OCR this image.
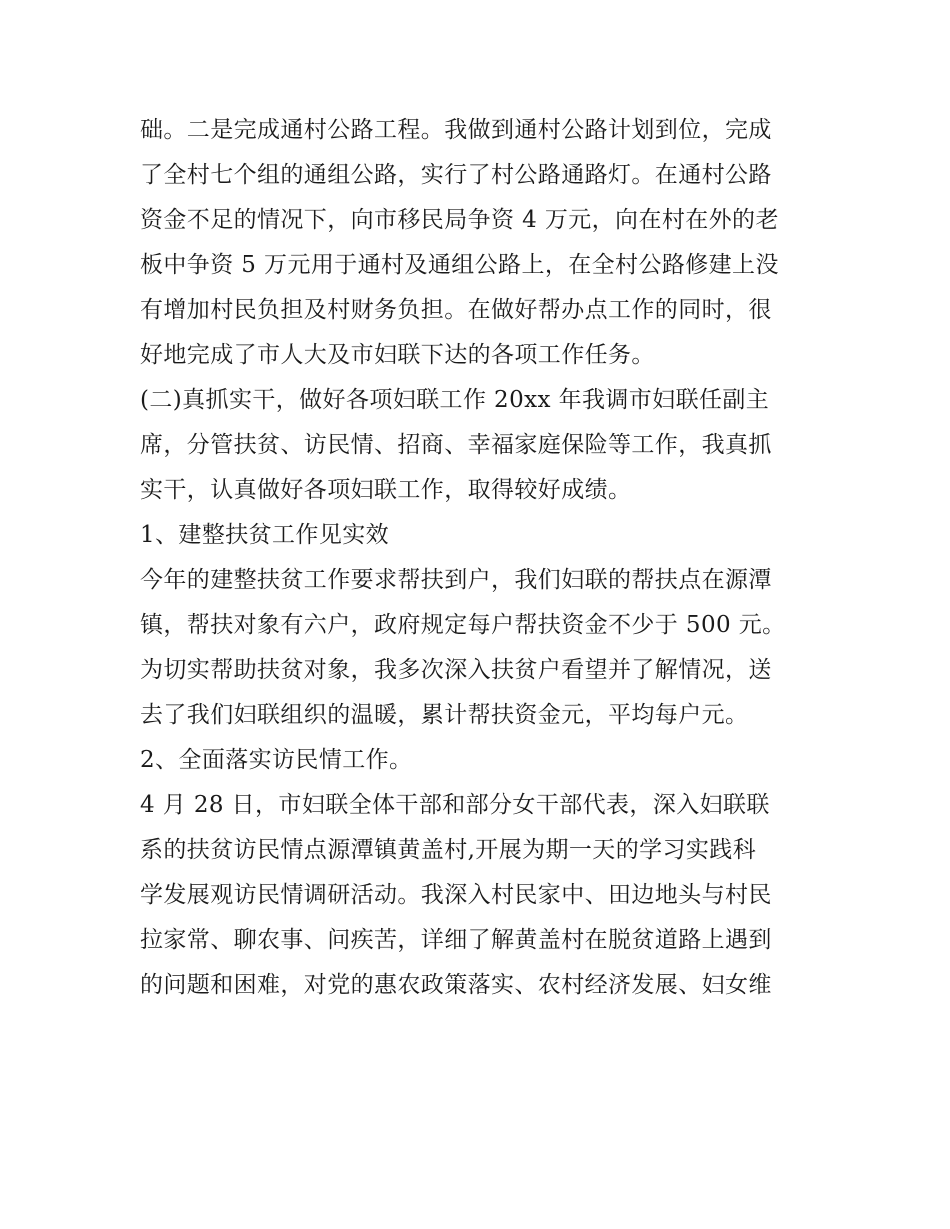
础。二是完成通村公路工程。我做到通村公路计划到位，完成
了全村七个组的通组公路，实行了村公路通路灯。在通村公路
资金不足的情况下，向市移民局争资 4 万元，向在村在外的老
板中争资 5 万元用于通村及通组公路上，在全村公路修建上没
有增加村民负担及村财务负担。在做好帮办点工作的同时，很
好地完成了市人大及市妇联下达的各项工作任务。
(二)真抓实干，做好各项妇联工作 20xx 年我调市妇联任副主
席，分管扶贫、访民情、招商、幸福家庭保险等工作，我真抓
实干，认真做好各项妇联工作，取得较好成绩。
1、建整扶贫工作见实效
今年的建整扶贫工作要求帮扶到户，我们妇联的帮扶点在源潭
镇，帮扶对象有六户，政府规定每户帮扶资金不少于 500 元。
为切实帮助扶贫对象，我多次深入扶贫户看望并了解情况，送
去了我们妇联组织的温暖，累计帮扶资金元，平均每户元。
2、全面落实访民情工作。
4 月 28 日，市妇联全体干部和部分女干部代表，深入妇联联
系的扶贫访民情点源潭镇黄盖村,开展为期一天的学习实践科
学发展观访民情调研活动。我深入村民家中、田边地头与村民
拉家常、聊农事、问疾苦，详细了解黄盖村在脱贫道路上遇到
的问题和困难，对党的惠农政策落实、农村经济发展、妇女维
